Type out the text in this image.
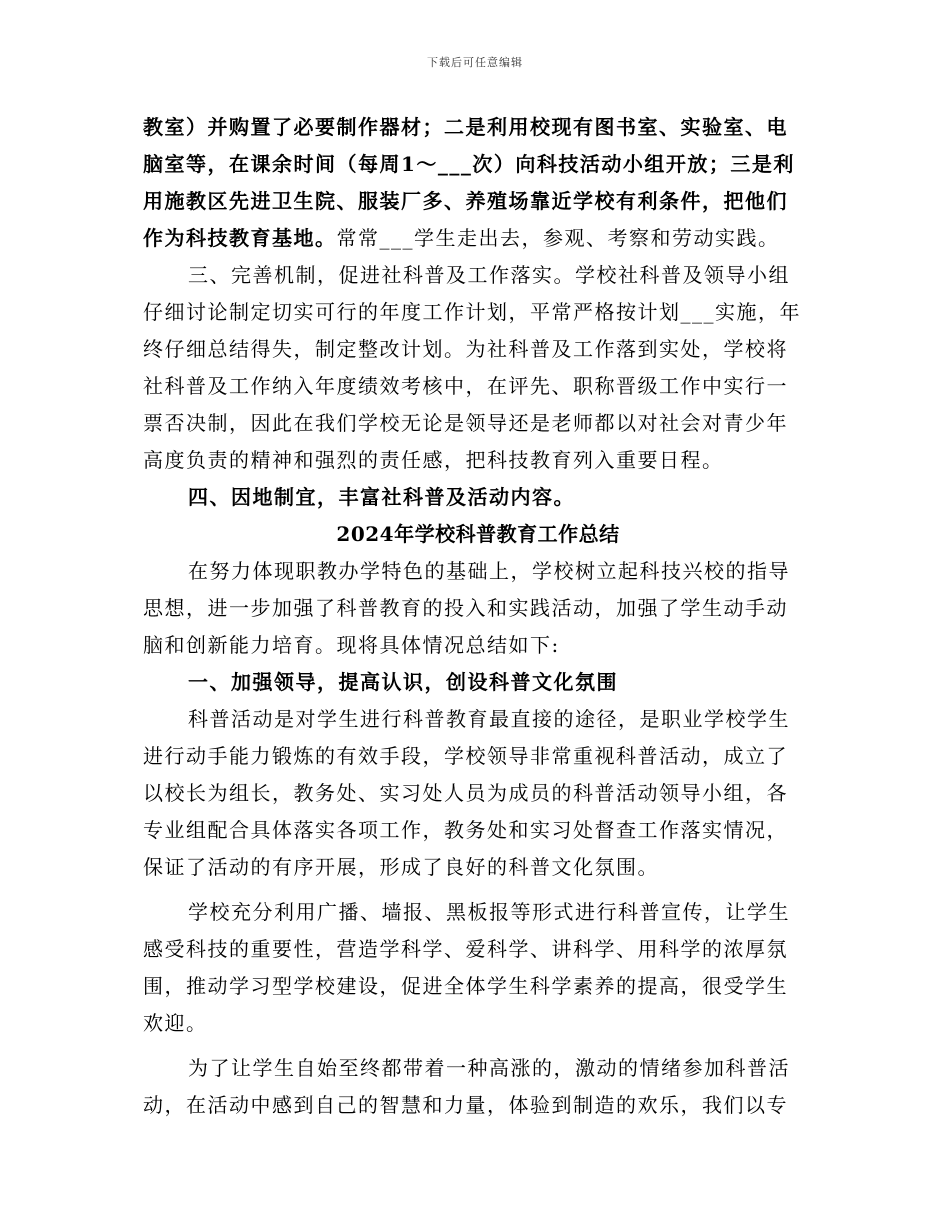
下载后可任意编辑
教室）并购置了必要制作器材；二是利用校现有图书室、实验室、电
脑室等，在课余时间（每周1～___次）向科技活动小组开放；三是利
用施教区先进卫生院、服装厂多、养殖场靠近学校有利条件，把他们
作为科技教育基地。常常___学生走出去，参观、考察和劳动实践。
三、完善机制，促进社科普及工作落实。学校社科普及领导小组
仔细讨论制定切实可行的年度工作计划，平常严格按计划___实施，年
终仔细总结得失，制定整改计划。为社科普及工作落到实处，学校将
社科普及工作纳入年度绩效考核中，在评先、职称晋级工作中实行一
票否决制，因此在我们学校无论是领导还是老师都以对社会对青少年
高度负责的精神和强烈的责任感，把科技教育列入重要日程。
四、因地制宜，丰富社科普及活动内容。
2024年学校科普教育工作总结
在努力体现职教办学特色的基础上，学校树立起科技兴校的指导
思想，进一步加强了科普教育的投入和实践活动，加强了学生动手动
脑和创新能力培育。现将具体情况总结如下:
一、加强领导，提高认识，创设科普文化氛围
科普活动是对学生进行科普教育最直接的途径，是职业学校学生
进行动手能力锻炼的有效手段，学校领导非常重视科普活动，成立了
以校长为组长，教务处、实习处人员为成员的科普活动领导小组，各
专业组配合具体落实各项工作，教务处和实习处督查工作落实情况，
保证了活动的有序开展，形成了良好的科普文化氛围。
学校充分利用广播、墙报、黑板报等形式进行科普宣传，让学生
感受科技的重要性，营造学科学、爱科学、讲科学、用科学的浓厚氛
围，推动学习型学校建设，促进全体学生科学素养的提高，很受学生
欢迎。
为了让学生自始至终都带着一种高涨的，激动的情绪参加科普活
动，在活动中感到自己的智慧和力量，体验到制造的欢乐，我们以专
